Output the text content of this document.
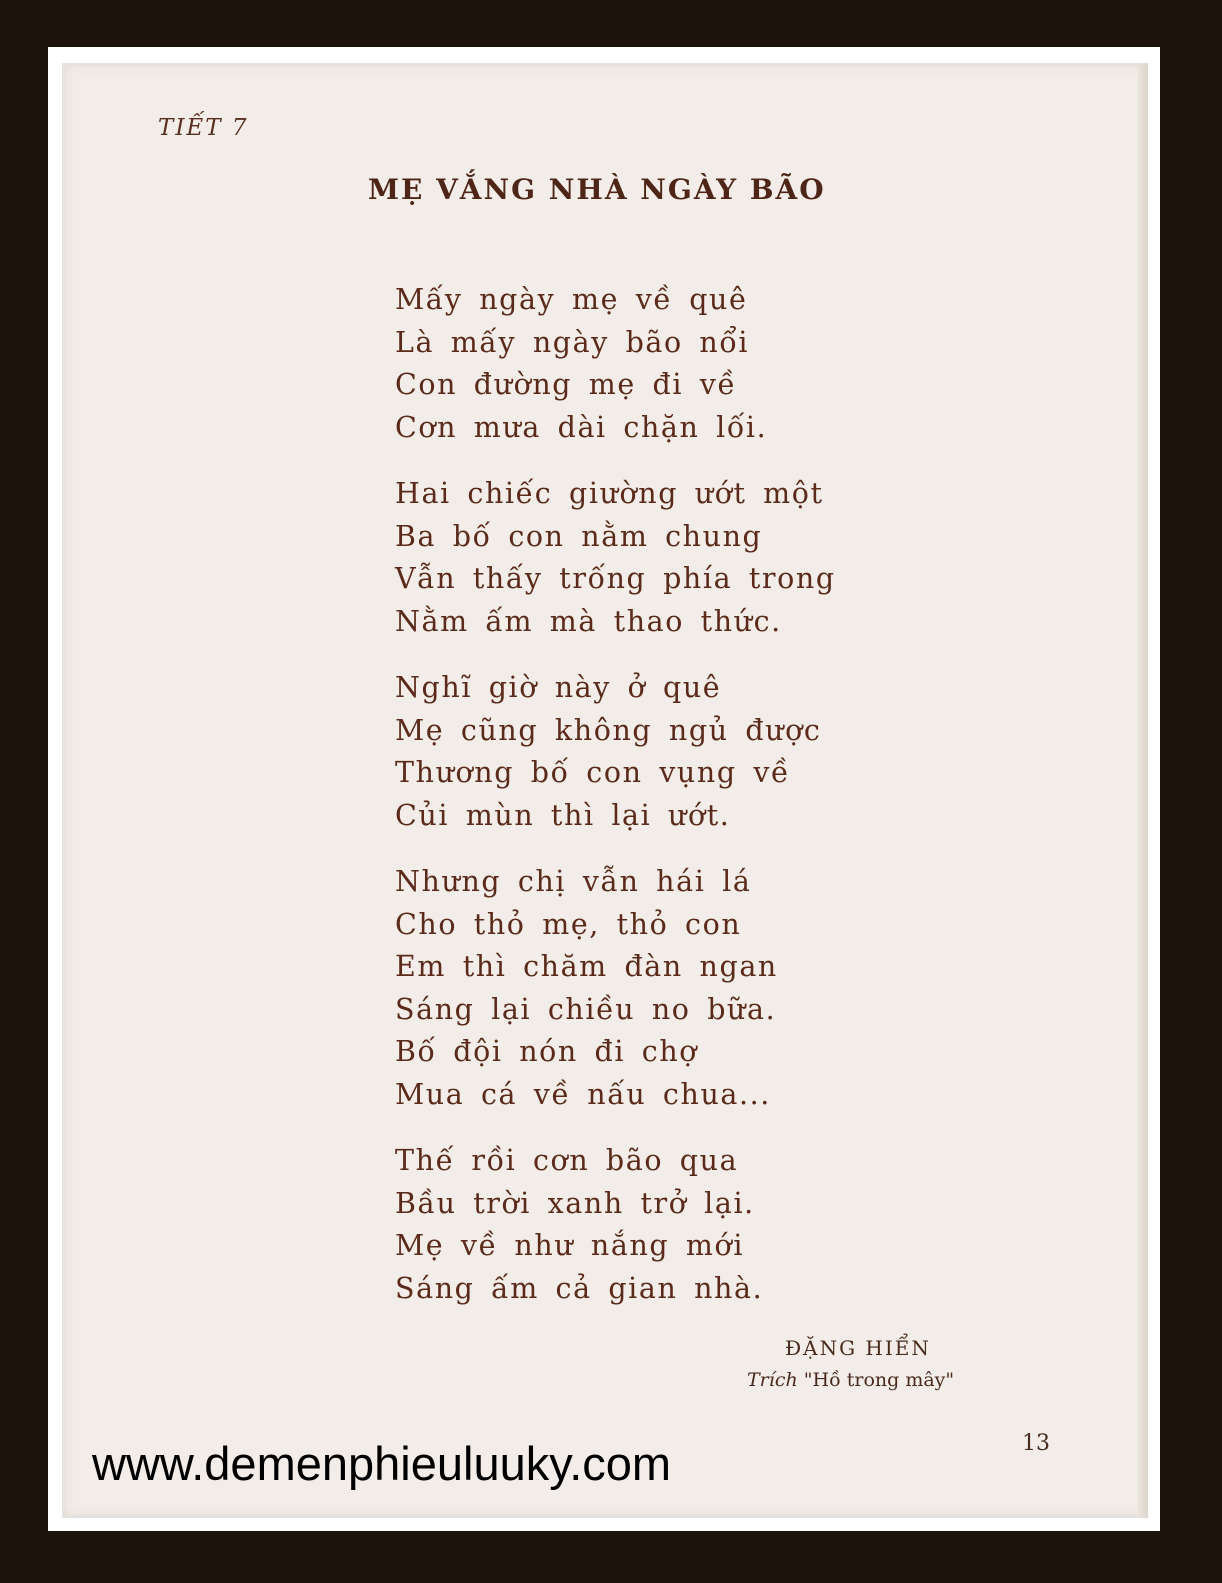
TIẾT 7
MẸ VẮNG NHÀ NGÀY BÃO
Mấy ngày mẹ về quê
Là mấy ngày bão nổi
Con đường mẹ đi về
Cơn mưa dài chặn lối.
Hai chiếc giường ướt một
Ba bố con nằm chung
Vẫn thấy trống phía trong
Nằm ấm mà thao thức.
Nghĩ giờ này ở quê
Mẹ cũng không ngủ được
Thương bố con vụng về
Củi mùn thì lại ướt.
Nhưng chị vẫn hái lá
Cho thỏ mẹ, thỏ con
Em thì chăm đàn ngan
Sáng lại chiều no bữa.
Bố đội nón đi chợ
Mua cá về nấu chua...
Thế rồi cơn bão qua
Bầu trời xanh trở lại.
Mẹ về như nắng mới
Sáng ấm cả gian nhà.
ĐẶNG HIỂN
Trích "Hồ trong mây"
13
www.demenphieuluuky.com
